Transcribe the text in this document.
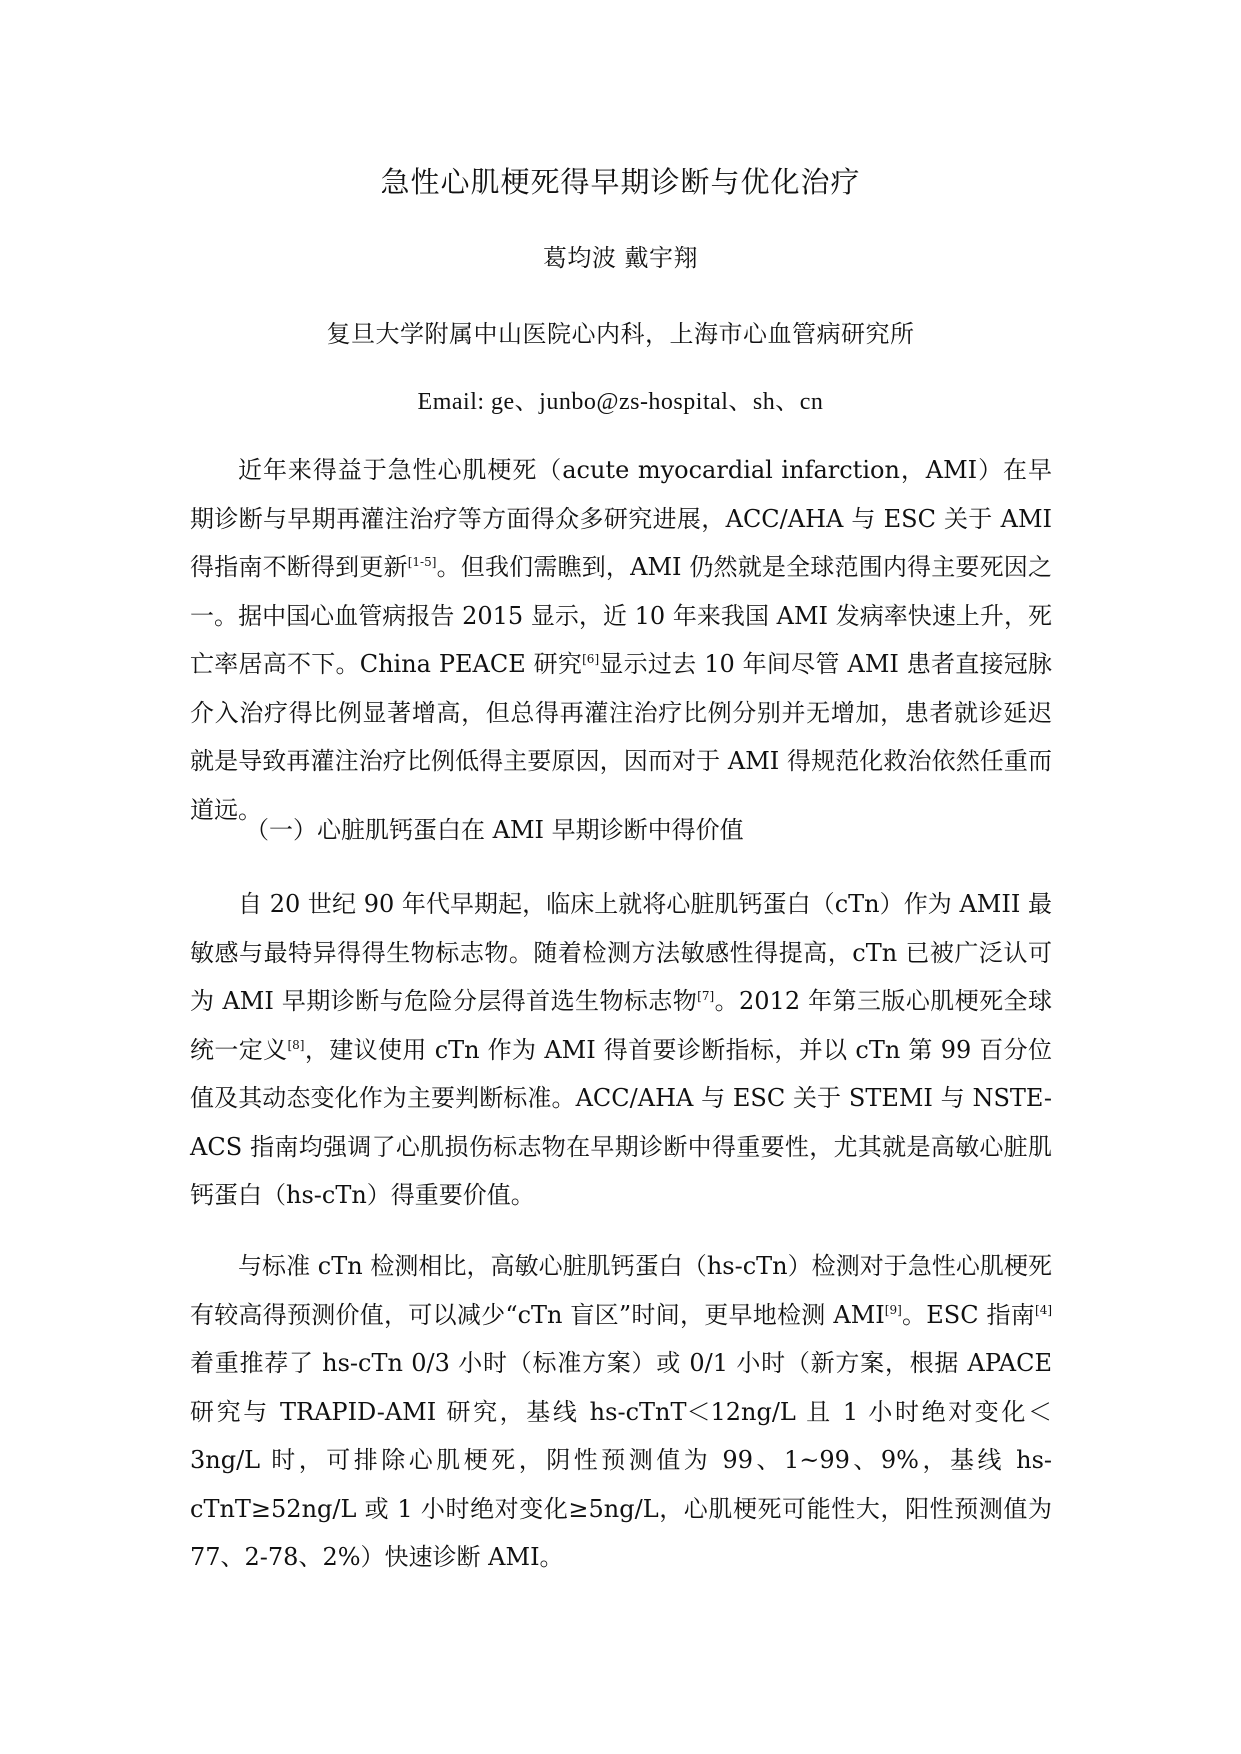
急性心肌梗死得早期诊断与优化治疗
葛均波 戴宇翔
复旦大学附属中山医院心内科，上海市心血管病研究所
Email: ge、junbo@zs-hospital、sh、cn

近年来得益于急性心肌梗死（acute myocardial infarction，AMI）在早期诊断与早期再灌注治疗等方面得众多研究进展，ACC/AHA 与 ESC 关于 AMI 得指南不断得到更新[1-5]。但我们需瞧到，AMI 仍然就是全球范围内得主要死因之一。据中国心血管病报告 2015 显示，近 10 年来我国 AMI 发病率快速上升，死亡率居高不下。China PEACE 研究[6]显示过去 10 年间尽管 AMI 患者直接冠脉介入治疗得比例显著增高，但总得再灌注治疗比例分别并无增加，患者就诊延迟就是导致再灌注治疗比例低得主要原因，因而对于 AMI 得规范化救治依然任重而道远。

（一）心脏肌钙蛋白在 AMI 早期诊断中得价值

自 20 世纪 90 年代早期起，临床上就将心脏肌钙蛋白（cTn）作为 AMII 最敏感与最特异得得生物标志物。随着检测方法敏感性得提高，cTn 已被广泛认可为 AMI 早期诊断与危险分层得首选生物标志物[7]。2012 年第三版心肌梗死全球统一定义[8]，建议使用 cTn 作为 AMI 得首要诊断指标，并以 cTn 第 99 百分位值及其动态变化作为主要判断标准。ACC/AHA 与 ESC 关于 STEMI 与 NSTE-ACS 指南均强调了心肌损伤标志物在早期诊断中得重要性，尤其就是高敏心脏肌钙蛋白（hs-cTn）得重要价值。

与标准 cTn 检测相比，高敏心脏肌钙蛋白（hs-cTn）检测对于急性心肌梗死有较高得预测价值，可以减少“cTn 盲区”时间，更早地检测 AMI[9]。ESC 指南[4]着重推荐了 hs-cTn 0/3 小时（标准方案）或 0/1 小时（新方案，根据 APACE 研究与 TRAPID-AMI 研究，基线 hs-cTnT＜12ng/L 且 1 小时绝对变化＜3ng/L 时，可排除心肌梗死，阴性预测值为 99、1~99、9%，基线 hs-cTnT≥52ng/L 或 1 小时绝对变化≥5ng/L，心肌梗死可能性大，阳性预测值为 77、2-78、2%）快速诊断 AMI。
